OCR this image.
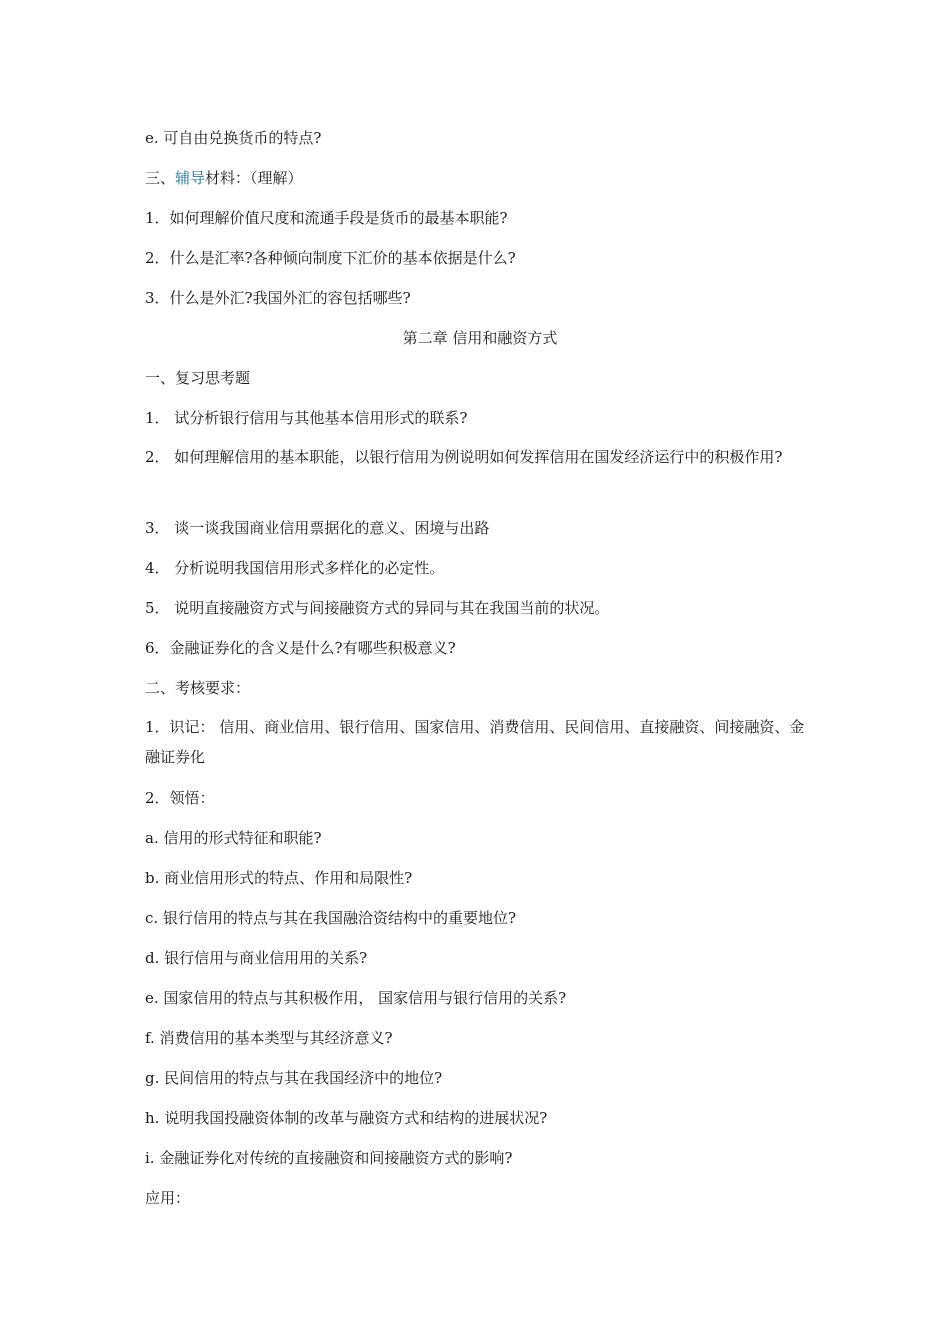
e. 可自由兑换货币的特点?
三、辅导材料：（理解）
1．如何理解价值尺度和流通手段是货币的最基本职能?
2．什么是汇率?各种倾向制度下汇价的基本依据是什么?
3．什么是外汇?我国外汇的容包括哪些?
第二章 信用和融资方式
一、复习思考题
1． 试分析银行信用与其他基本信用形式的联系?
2． 如何理解信用的基本职能，以银行信用为例说明如何发挥信用在国发经济运行中的积极作用?
3． 谈一谈我国商业信用票据化的意义、困境与出路
4． 分析说明我国信用形式多样化的必定性。
5． 说明直接融资方式与间接融资方式的异同与其在我国当前的状况。
6．金融证券化的含义是什么?有哪些积极意义?
二、考核要求：
1．识记： 信用、商业信用、银行信用、国家信用、消费信用、民间信用、直接融资、间接融资、金融证券化
2．领悟：
a. 信用的形式特征和职能?
b. 商业信用形式的特点、作用和局限性?
c. 银行信用的特点与其在我国融洽资结构中的重要地位?
d. 银行信用与商业信用用的关系?
e. 国家信用的特点与其积极作用， 国家信用与银行信用的关系?
f. 消费信用的基本类型与其经济意义?
g. 民间信用的特点与其在我国经济中的地位?
h. 说明我国投融资体制的改革与融资方式和结构的进展状况?
i. 金融证券化对传统的直接融资和间接融资方式的影响?
应用：
